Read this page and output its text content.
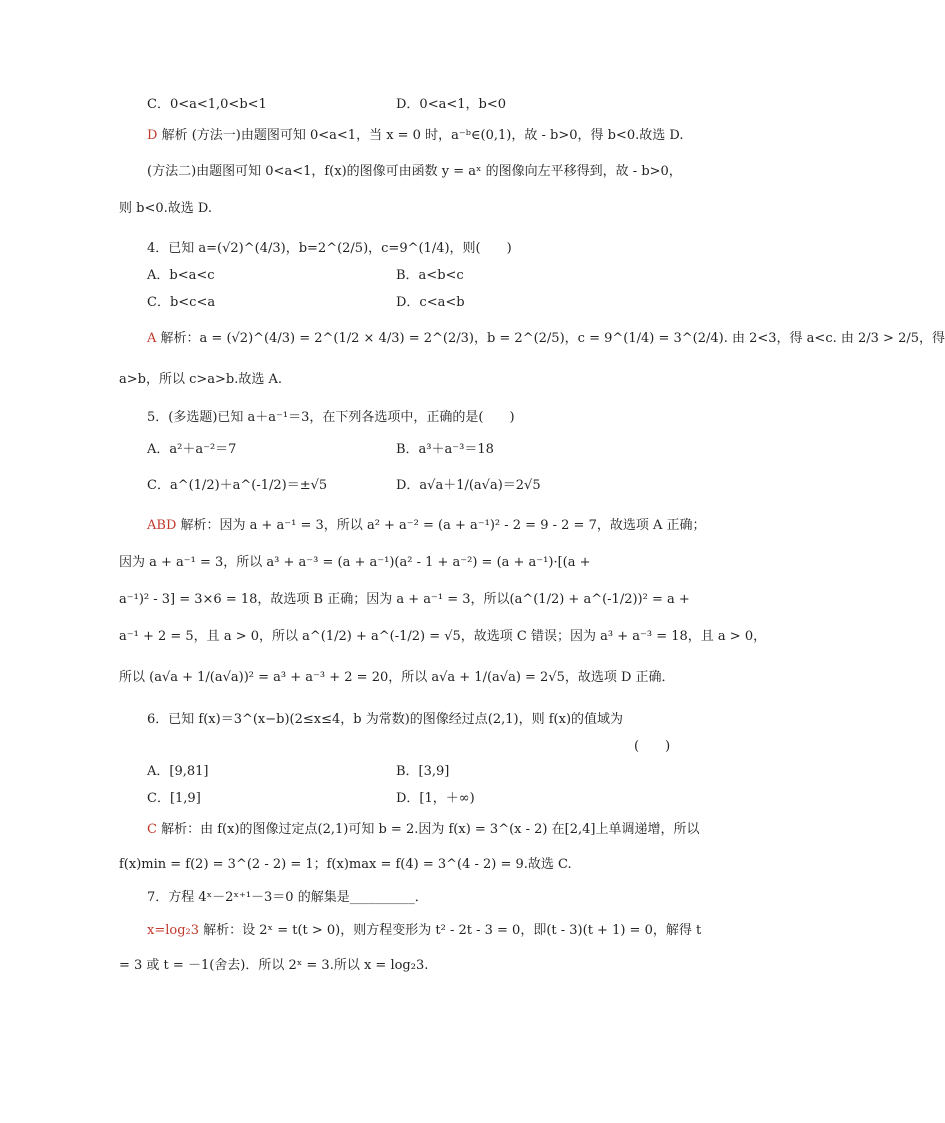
C．0<a<1,0<b<1	D．0<a<1，b<0
D 解析 (方法一)由题图可知 0<a<1，当 x = 0 时，a⁻ᵇ∈(0,1)，故 - b>0，得 b<0.故选 D.
(方法二)由题图可知 0<a<1，f(x)的图像可由函数 y = aˣ 的图像向左平移得到，故 - b>0，
则 b<0.故选 D.
4．已知 a=(√2)^(4/3)，b=2^(2/5)，c=9^(1/4)，则(　　)
A．b<a<c	B．a<b<c
C．b<c<a	D．c<a<b
A 解析：a = (√2)^(4/3) = 2^(1/2 × 4/3) = 2^(2/3)，b = 2^(2/5)，c = 9^(1/4) = 3^(2/4). 由 2<3，得 a<c. 由 2/3 > 2/5，得
a>b，所以 c>a>b.故选 A.
5．(多选题)已知 a＋a⁻¹＝3，在下列各选项中，正确的是(　　)
A．a²＋a⁻²＝7	B．a³＋a⁻³＝18
C．a^(1/2)＋a^(-1/2)＝±√5	D．a√a＋1/(a√a)＝2√5
ABD 解析：因为 a + a⁻¹ = 3，所以 a² + a⁻² = (a + a⁻¹)² - 2 = 9 - 2 = 7，故选项 A 正确；
因为 a + a⁻¹ = 3，所以 a³ + a⁻³ = (a + a⁻¹)(a² - 1 + a⁻²) = (a + a⁻¹)·[(a +
a⁻¹)² - 3] = 3×6 = 18，故选项 B 正确；因为 a + a⁻¹ = 3，所以(a^(1/2) + a^(-1/2))² = a +
a⁻¹ + 2 = 5，且 a > 0，所以 a^(1/2) + a^(-1/2) = √5，故选项 C 错误；因为 a³ + a⁻³ = 18，且 a > 0，
所以 (a√a + 1/(a√a))² = a³ + a⁻³ + 2 = 20，所以 a√a + 1/(a√a) = 2√5，故选项 D 正确．
6．已知 f(x)＝3^(x−b)(2≤x≤4，b 为常数)的图像经过点(2,1)，则 f(x)的值域为
(　　)
A．[9,81]	B．[3,9]
C．[1,9]	D．[1，＋∞)
C 解析：由 f(x)的图像过定点(2,1)可知 b = 2.因为 f(x) = 3^(x - 2) 在[2,4]上单调递增，所以
f(x)min = f(2) = 3^(2 - 2) = 1；f(x)max = f(4) = 3^(4 - 2) = 9.故选 C.
7．方程 4ˣ－2ˣ⁺¹－3＝0 的解集是__________．
x=log₂3 解析：设 2ˣ = t(t > 0)，则方程变形为 t² - 2t - 3 = 0，即(t - 3)(t + 1) = 0，解得 t
= 3 或 t = －1(舍去)．所以 2ˣ = 3.所以 x = log₂3.
